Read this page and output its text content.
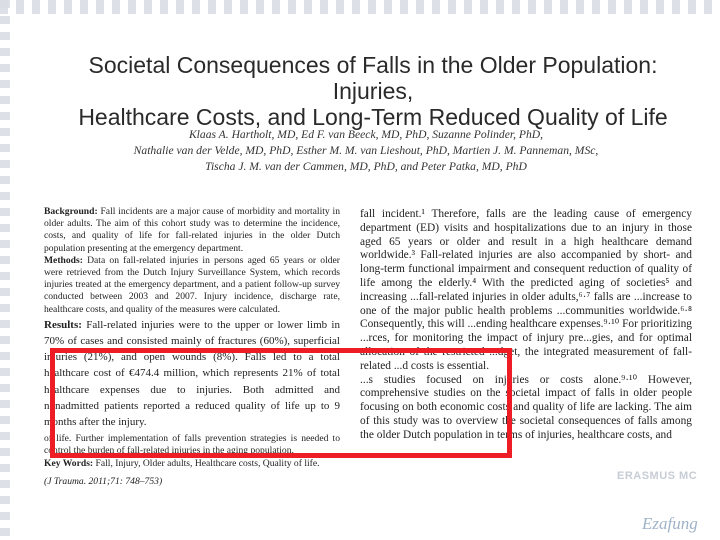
Societal Consequences of Falls in the Older Population: Injuries,
Healthcare Costs, and Long-Term Reduced Quality of Life
Klaas A. Hartholt, MD, Ed F. van Beeck, MD, PhD, Suzanne Polinder, PhD,
Nathalie van der Velde, MD, PhD, Esther M. M. van Lieshout, PhD, Martien J. M. Panneman, MSc,
Tischa J. M. van der Cammen, MD, PhD, and Peter Patka, MD, PhD

Background: Fall incidents are a major cause of morbidity and mortality in older adults. The aim of this cohort study was to determine the incidence, costs, and quality of life for fall-related injuries in the older Dutch population presenting at the emergency department.

Methods: Data on fall-related injuries in persons aged 65 years or older were retrieved from the Dutch Injury Surveillance System, which records injuries treated at the emergency department, and a patient follow-up survey conducted between 2003 and 2007. Injury incidence, discharge rate, healthcare costs, and quality of the measures were calculated.

Results: Fall-related injuries were to the upper or lower limb in 70% of cases and consisted mainly of fractures (60%), superficial injuries (21%), and open wounds (8%). Falls led to a total healthcare cost of €474.4 million, which represents 21% of total healthcare expenses due to injuries. Both admitted and nonadmitted patients reported a reduced quality of life up to 9 months after the injury.

of life. Further implementation of falls prevention strategies is needed to control the burden of fall-related injuries in the aging population.

Key Words: Fall, Injury, Older adults, Healthcare costs, Quality of life.

(J Trauma. 2011;71: 748–753)

fall incident.¹ Therefore, falls are the leading cause of emergency department (ED) visits and hospitalizations due to an injury in those aged 65 years or older and result in a high healthcare demand worldwide.³ Fall-related injuries are also accompanied by short- and long-term functional impairment and consequent reduction of quality of life among the elderly.⁴ With the predicted aging of societies⁵ and increasing ...fall-related injuries in older adults,⁶·⁷ falls are ...increase to one of the major public health problems ...communities worldwide.⁶·⁸ Consequently, this will ...ending healthcare expenses.⁹·¹⁰ For prioritizing ...rces, for monitoring the impact of injury pre...gies, and for optimal allocation of the restricted ...dget, the integrated measurement of fall-related ...d costs is essential.

...s studies focused on injuries or costs alone.⁹·¹⁰ However, comprehensive studies on the societal impact of falls in older people focusing on both economic costs and quality of life are lacking. The aim of this study was to overview the societal consequences of falls among the older Dutch population in terms of injuries, healthcare costs, and

ERASMUS MC
Ezafung
